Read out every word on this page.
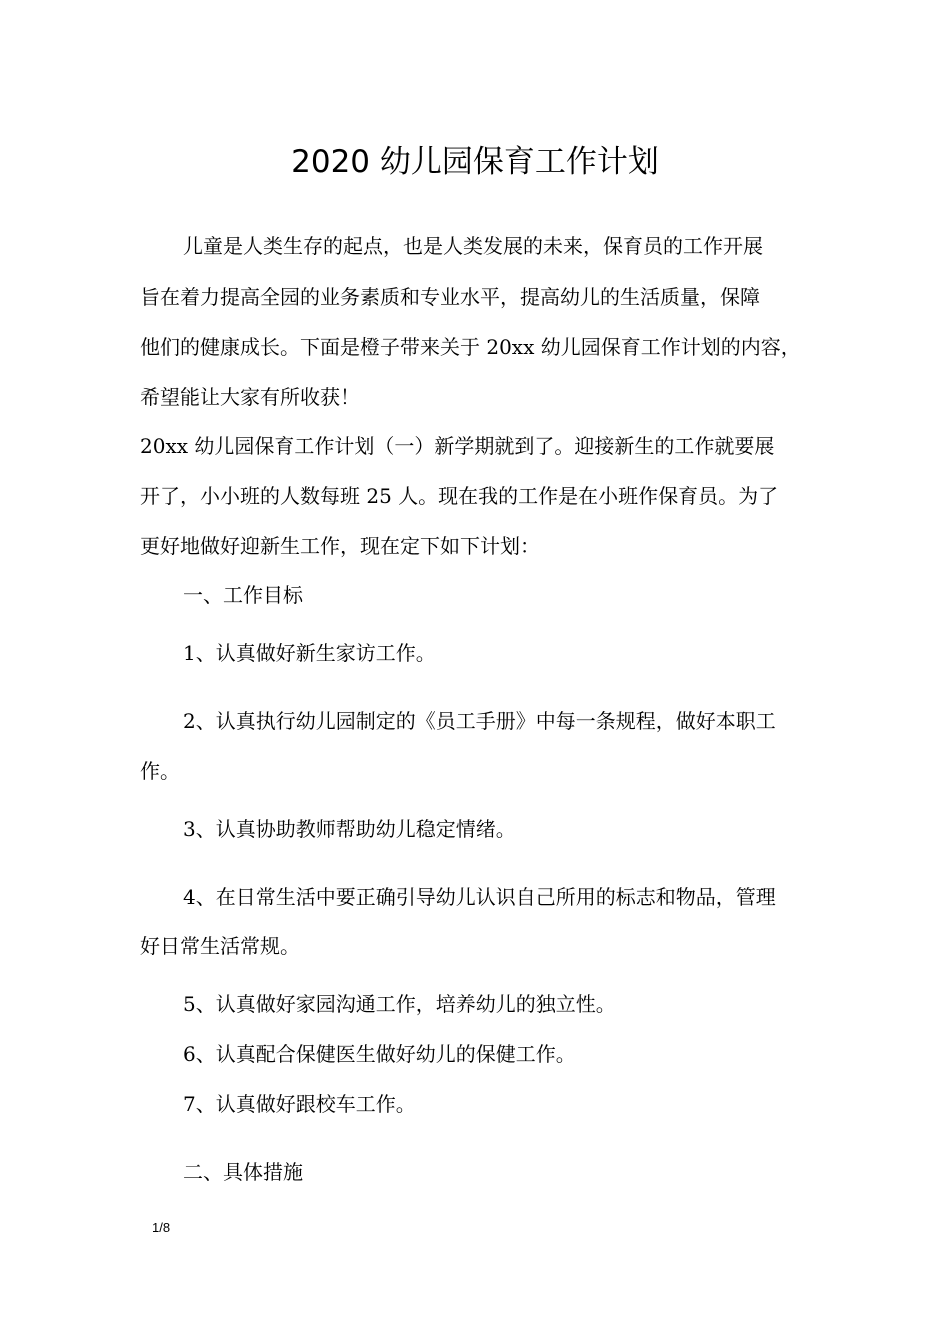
2020 幼儿园保育工作计划
儿童是人类生存的起点，也是人类发展的未来，保育员的工作开展
旨在着力提高全园的业务素质和专业水平，提高幼儿的生活质量，保障
他们的健康成长。下面是橙子带来关于 20xx 幼儿园保育工作计划的内容，
希望能让大家有所收获！
20xx 幼儿园保育工作计划（一）新学期就到了。迎接新生的工作就要展
开了，小小班的人数每班 25 人。现在我的工作是在小班作保育员。为了
更好地做好迎新生工作，现在定下如下计划：
一、工作目标
1、认真做好新生家访工作。
2、认真执行幼儿园制定的《员工手册》中每一条规程，做好本职工
作。
3、认真协助教师帮助幼儿稳定情绪。
4、在日常生活中要正确引导幼儿认识自己所用的标志和物品，管理
好日常生活常规。
5、认真做好家园沟通工作，培养幼儿的独立性。
6、认真配合保健医生做好幼儿的保健工作。
7、认真做好跟校车工作。
二、具体措施
1/8
